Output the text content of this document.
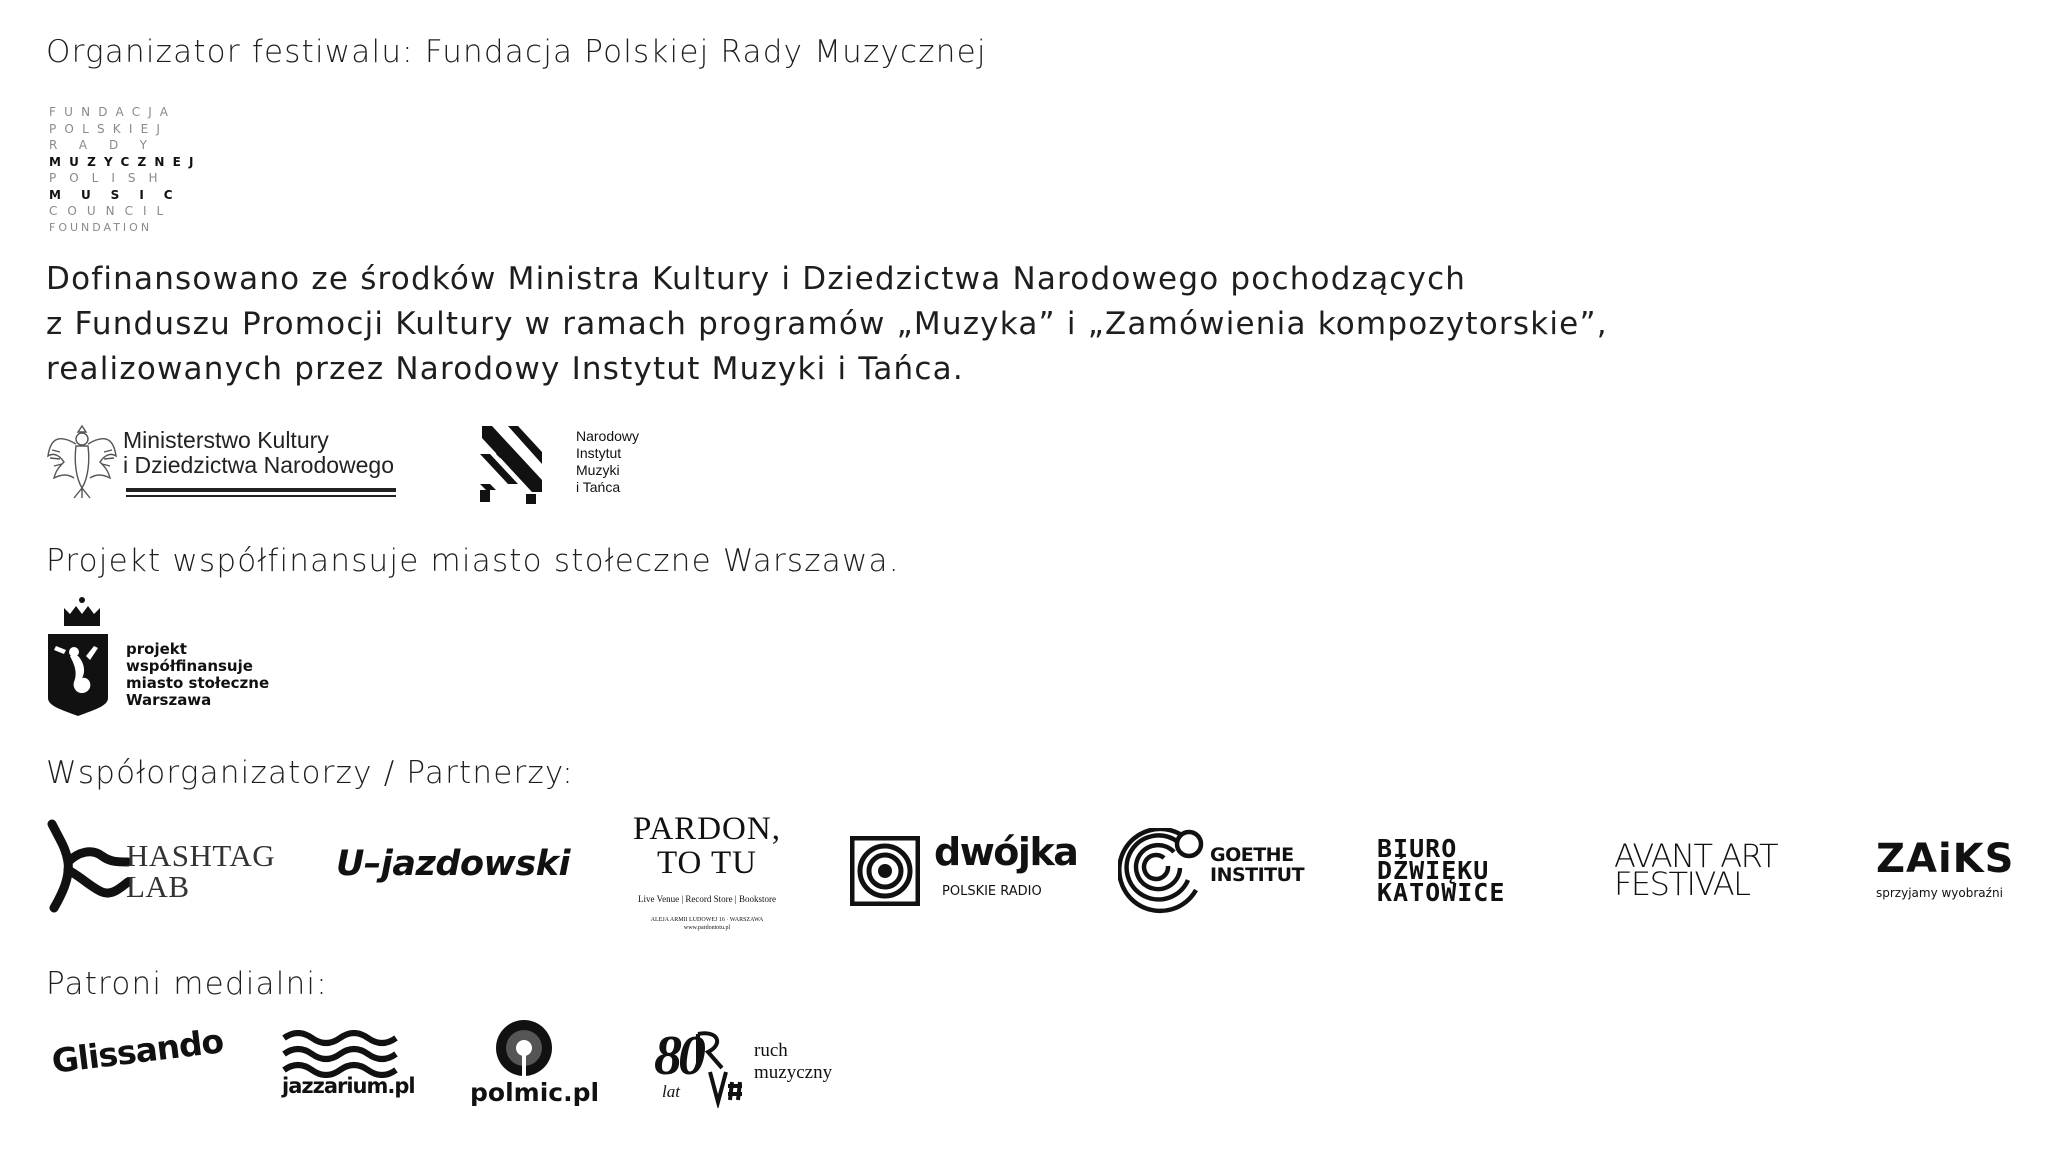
Organizator festiwalu: Fundacja Polskiej Rady Muzycznej
FUNDACJA
POLSKIEJ
RADY
MUZYCZNEJ
POLISH
MUSIC
COUNCIL
FOUNDATION
Dofinansowano ze środków Ministra Kultury i Dziedzictwa Narodowego pochodzących
z Funduszu Promocji Kultury w ramach programów „Muzyka” i „Zamówienia kompozytorskie”,
realizowanych przez Narodowy Instytut Muzyki i Tańca.
Ministerstwo Kultury
i Dziedzictwa Narodowego
Narodowy
Instytut
Muzyki
i Tańca
Projekt współfinansuje miasto stołeczne Warszawa.
projekt współfinansuje
miasto stołeczne
Warszawa
Współorganizatorzy / Partnerzy:
HASHTAG
LAB
U–jazdowski
PARDON,
TO TU
Live Venue | Record Store | Bookstore
ALEJA ARMII LUDOWEJ 16 · WARSZAWA
www.pardontotu.pl
dwójka
POLSKIE RADIO
GOETHE
INSTITUT
BIURO
DŹWIĘKU
KATOWICE
AVANT ART
FESTIVAL
ZAiKS
sprzyjamy wyobraźni
Patroni medialni:
Glissando
jazzarium.pl polmic.pl
80
lat
ruch
muzyczny
